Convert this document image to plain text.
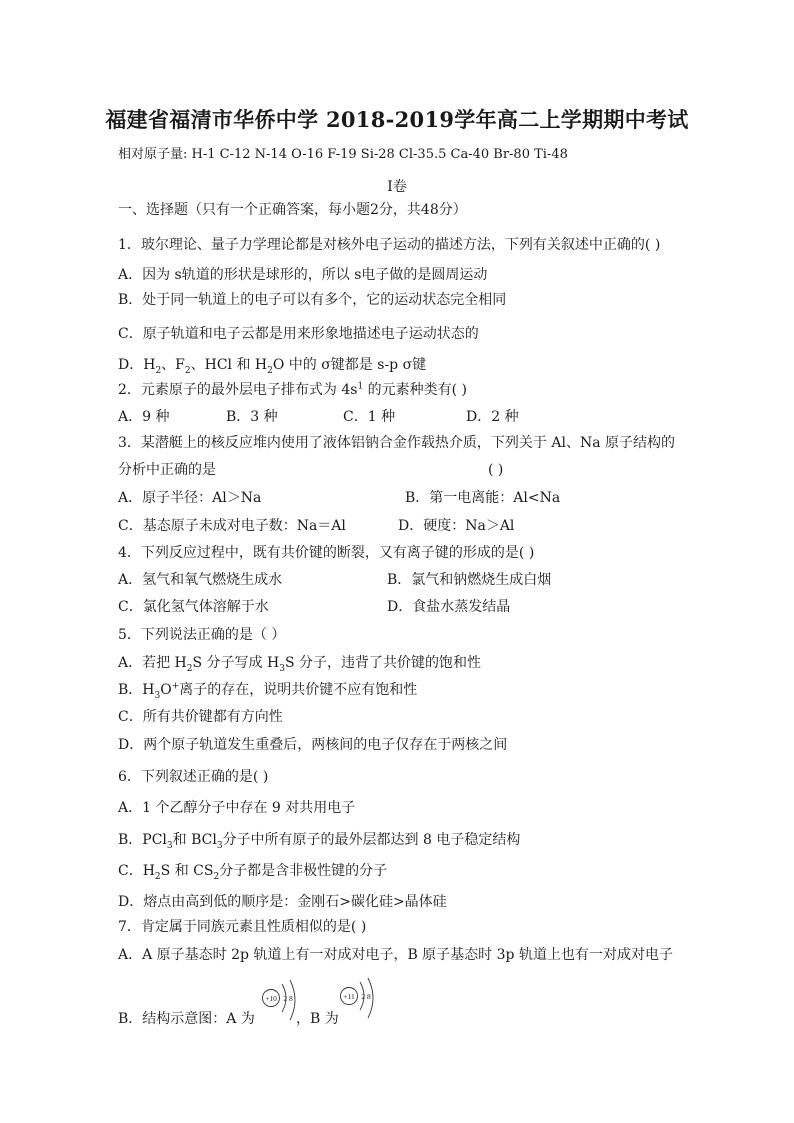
福建省福清市华侨中学 2018-2019学年高二上学期期中考试
相对原子量: H-1 C-12 N-14 O-16 F-19 Si-28 Cl-35.5 Ca-40 Br-80 Ti-48
I卷
一、选择题（只有一个正确答案，每小题2分，共48分）
1．玻尔理论、量子力学理论都是对核外电子运动的描述方法，下列有关叙述中正确的( )
A．因为 s轨道的形状是球形的，所以 s电子做的是圆周运动
B．处于同一轨道上的电子可以有多个，它的运动状态完全相同
C．原子轨道和电子云都是用来形象地描述电子运动状态的
D．$H_2$、$F_2$、HCl 和 $H_2O$ 中的 σ键都是 s-p σ键
2．元素原子的最外层电子排布式为 $4s^1$ 的元素种类有( )
A．9 种	B．3 种	C．1 种	D．2 种
3．某潜艇上的核反应堆内使用了液体铝钠合金作载热介质，下列关于 Al、Na 原子结构的
分析中正确的是	( )
A．原子半径：Al＞Na	B．第一电离能：Al<Na
C．基态原子未成对电子数：Na＝Al	D．硬度：Na＞Al
4．下列反应过程中，既有共价键的断裂，又有离子键的形成的是( )
A．氢气和氧气燃烧生成水	B．氯气和钠燃烧生成白烟
C．氯化氢气体溶解于水	D．食盐水蒸发结晶
5．下列说法正确的是（ ）
A．若把 $H_2S$ 分子写成 $H_3S$ 分子，违背了共价键的饱和性
B．$H_3O^+$离子的存在，说明共价键不应有饱和性
C．所有共价键都有方向性
D．两个原子轨道发生重叠后，两核间的电子仅存在于两核之间
6．下列叙述正确的是( )
A．1 个乙醇分子中存在 9 对共用电子
B．PCl$_3$和 BCl$_3$分子中所有原子的最外层都达到 8 电子稳定结构
C．$H_2S$ 和 $CS_2$分子都是含非极性键的分子
D．熔点由高到低的顺序是：金刚石>碳化硅>晶体硅
7．肯定属于同族元素且性质相似的是( )
A．A 原子基态时 2p 轨道上有一对成对电子，B 原子基态时 3p 轨道上也有一对成对电子
B．结构示意图：A 为	，B 为
+10 2 8	+11 2 8
